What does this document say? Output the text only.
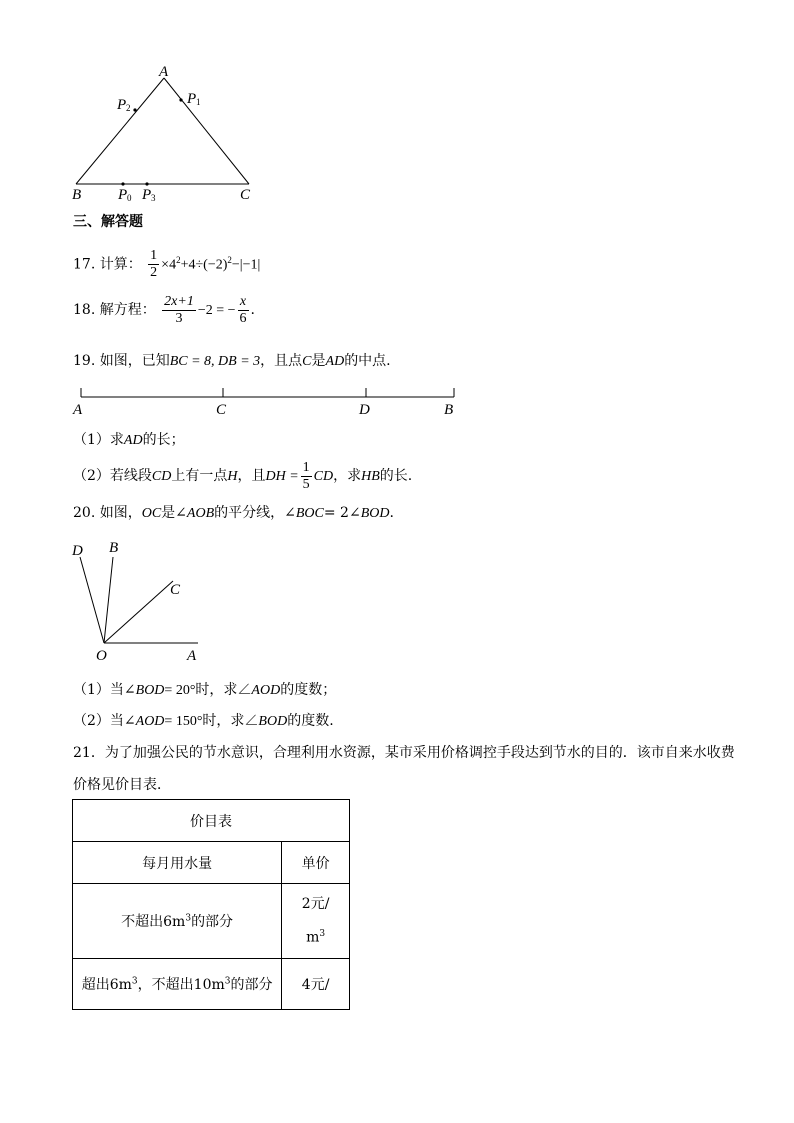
A
P 1
P 2
B P 0 P 3	C
三、解答题
17. 计算： $\frac{1}{2} \times 4^2+4\div(-2)^2-|-1|$
18. 解方程： $\frac{2x+1}{3} -2$ = − $\frac{x}{6}$ .
19. 如图，已知BC = 8, DB = 3，且点C是AD的中点.
A	C	D	B
（1）求AD的长；
（2）若线段CD上有一点H，且DH = $\frac{1}{5}$ CD，求HB的长.
20. 如图，OC是∠AOB的平分线，∠BOC= 2∠BOD.
D B
C
O	A
（1）当∠BOD= 20°时，求∠AOD的度数；
（2）当∠AOD= 150°时，求∠BOD的度数.
21．为了加强公民的节水意识，合理利用水资源，某市采用价格调控手段达到节水的目的．该市自来水收费
价格见价目表．
价目表	
每月用水量	单价
不超出$6m^3$的部分	2元/
$m^3$
超出$6m^3$，不超出$10m^3$的部分	4元/
